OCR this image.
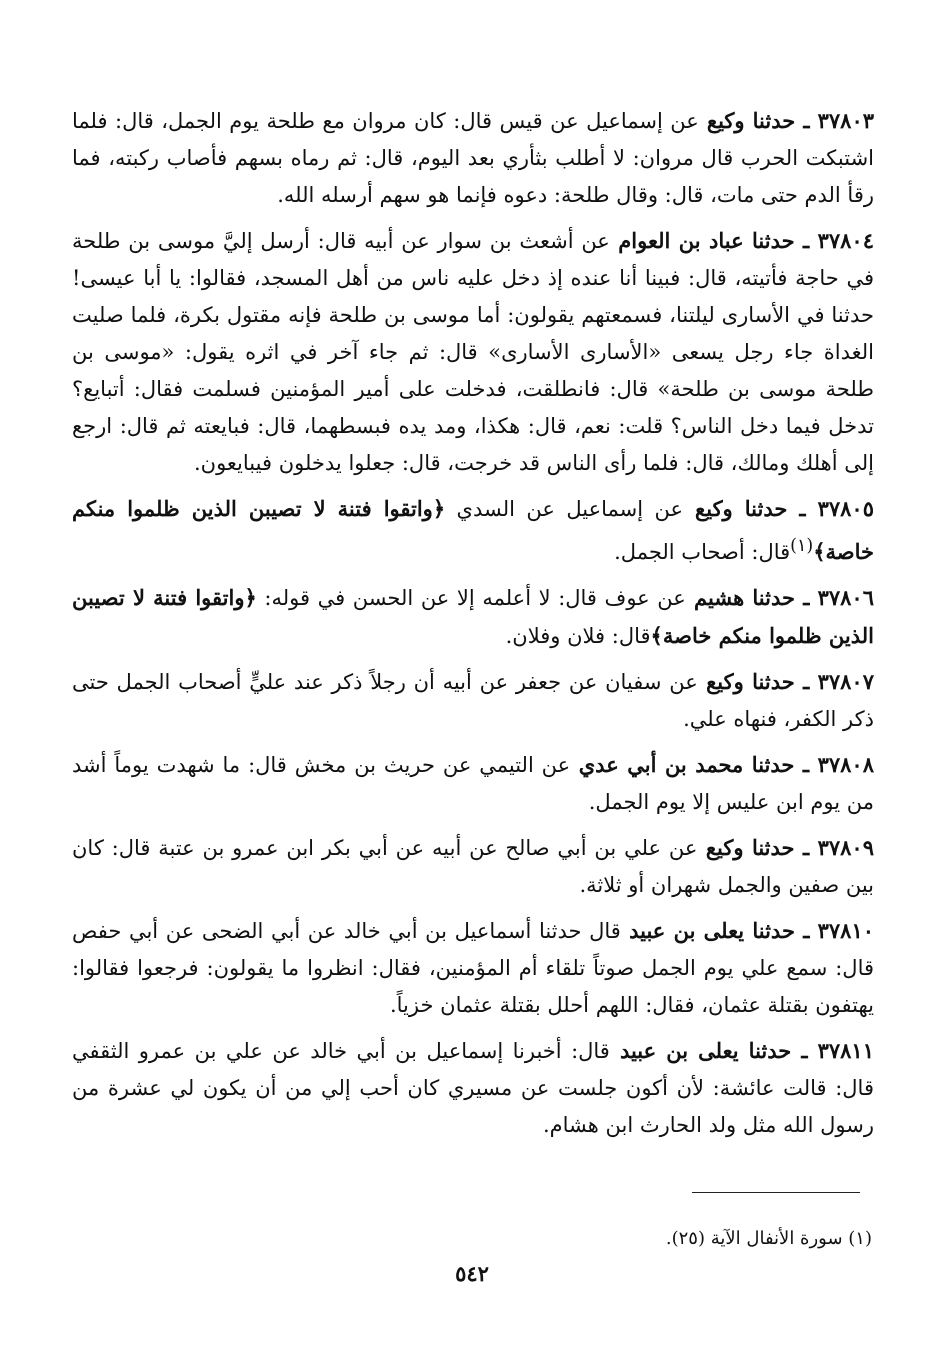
٣٧٨٠٣ ـ حدثنا وكيع عن إسماعيل عن قيس قال: كان مروان مع طلحة يوم الجمل، قال: فلما اشتبكت الحرب قال مروان: لا أطلب بثأري بعد اليوم، قال: ثم رماه بسهم فأصاب ركبته، فما رقأ الدم حتى مات، قال: وقال طلحة: دعوه فإنما هو سهم أرسله الله.

٣٧٨٠٤ ـ حدثنا عباد بن العوام عن أشعث بن سوار عن أبيه قال: أرسل إليَّ موسى بن طلحة في حاجة فأتيته، قال: فبينا أنا عنده إذ دخل عليه ناس من أهل المسجد، فقالوا: يا أبا عيسى! حدثنا في الأسارى ليلتنا، فسمعتهم يقولون: أما موسى بن طلحة فإنه مقتول بكرة، فلما صليت الغداة جاء رجل يسعى «الأسارى الأسارى» قال: ثم جاء آخر في اثره يقول: «موسى بن طلحة موسى بن طلحة» قال: فانطلقت، فدخلت على أمير المؤمنين فسلمت فقال: أتبايع؟ تدخل فيما دخل الناس؟ قلت: نعم، قال: هكذا، ومد يده فبسطهما، قال: فبايعته ثم قال: ارجع إلى أهلك ومالك، قال: فلما رأى الناس قد خرجت، قال: جعلوا يدخلون فيبايعون.

٣٧٨٠٥ ـ حدثنا وكيع عن إسماعيل عن السدي ﴿واتقوا فتنة لا تصيبن الذين ظلموا منكم خاصة﴾$^{(١)}$قال: أصحاب الجمل.

٣٧٨٠٦ ـ حدثنا هشيم عن عوف قال: لا أعلمه إلا عن الحسن في قوله: ﴿واتقوا فتنة لا تصيبن الذين ظلموا منكم خاصة﴾قال: فلان وفلان.

٣٧٨٠٧ ـ حدثنا وكيع عن سفيان عن جعفر عن أبيه أن رجلاً ذكر عند عليٍّ أصحاب الجمل حتى ذكر الكفر، فنهاه علي.

٣٧٨٠٨ ـ حدثنا محمد بن أبي عدي عن التيمي عن حريث بن مخش قال: ما شهدت يوماً أشد من يوم ابن عليس إلا يوم الجمل.

٣٧٨٠٩ ـ حدثنا وكيع عن علي بن أبي صالح عن أبيه عن أبي بكر ابن عمرو بن عتبة قال: كان بين صفين والجمل شهران أو ثلاثة.

٣٧٨١٠ ـ حدثنا يعلى بن عبيد قال حدثنا أسماعيل بن أبي خالد عن أبي الضحى عن أبي حفص قال: سمع علي يوم الجمل صوتاً تلقاء أم المؤمنين، فقال: انظروا ما يقولون: فرجعوا فقالوا: يهتفون بقتلة عثمان، فقال: اللهم أحلل بقتلة عثمان خزياً.

٣٧٨١١ ـ حدثنا يعلى بن عبيد قال: أخبرنا إسماعيل بن أبي خالد عن علي بن عمرو الثقفي قال: قالت عائشة: لأن أكون جلست عن مسيري كان أحب إلي من أن يكون لي عشرة من رسول الله مثل ولد الحارث ابن هشام.

(١) سورة الأنفال الآية (٢٥).
٥٤٢
